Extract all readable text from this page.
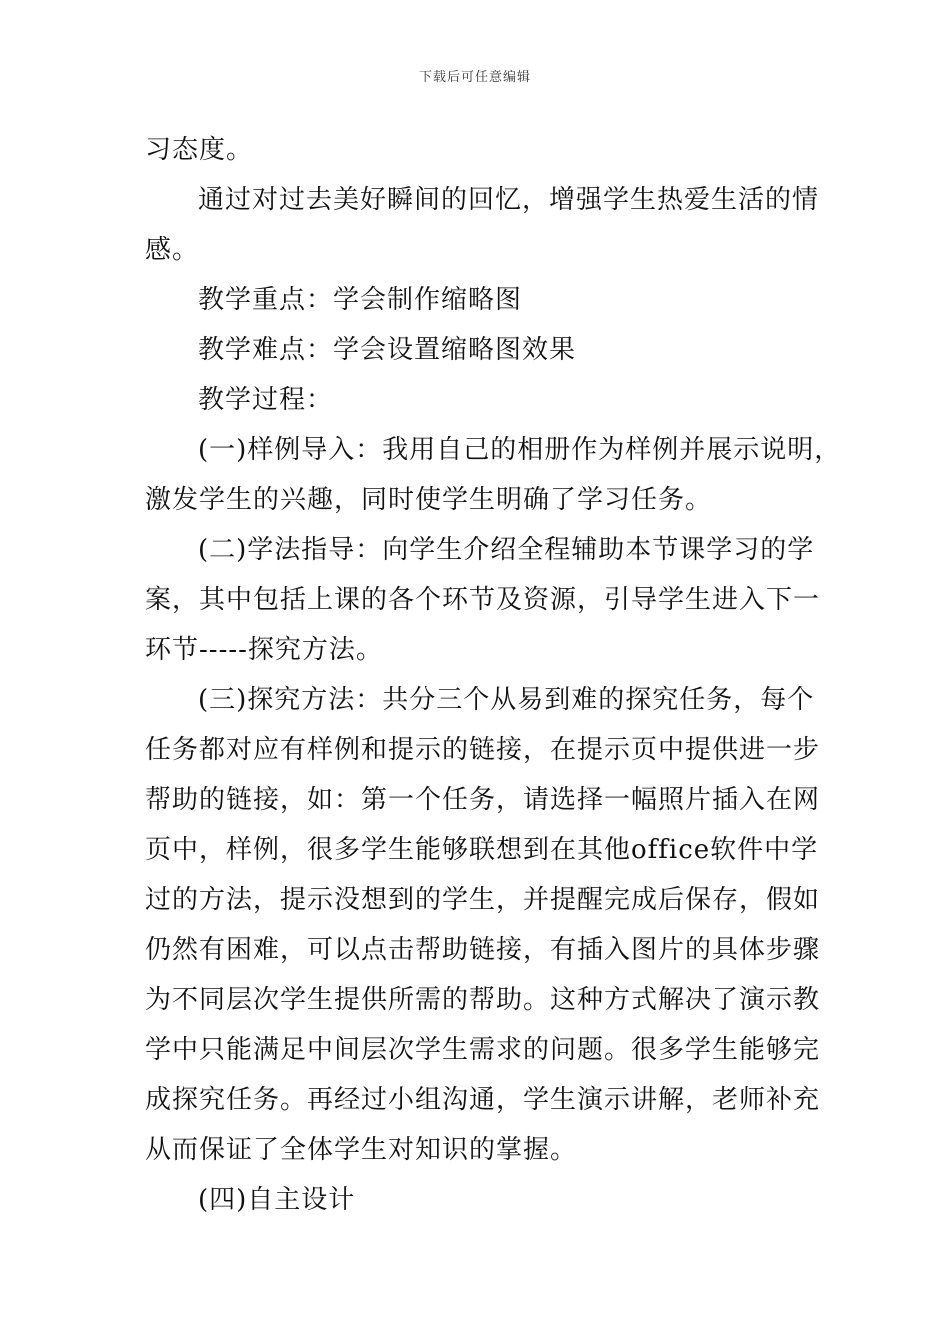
下载后可任意编辑
习态度。
通过对过去美好瞬间的回忆，增强学生热爱生活的情
感。
教学重点：学会制作缩略图
教学难点：学会设置缩略图效果
教学过程：
(一)样例导入：我用自己的相册作为样例并展示说明，
激发学生的兴趣，同时使学生明确了学习任务。
(二)学法指导：向学生介绍全程辅助本节课学习的学
案，其中包括上课的各个环节及资源，引导学生进入下一
环节-----探究方法。
(三)探究方法：共分三个从易到难的探究任务，每个
任务都对应有样例和提示的链接，在提示页中提供进一步
帮助的链接，如：第一个任务，请选择一幅照片插入在网
页中，样例，很多学生能够联想到在其他office软件中学
过的方法，提示没想到的学生，并提醒完成后保存，假如
仍然有困难，可以点击帮助链接，有插入图片的具体步骤
为不同层次学生提供所需的帮助。这种方式解决了演示教
学中只能满足中间层次学生需求的问题。很多学生能够完
成探究任务。再经过小组沟通，学生演示讲解，老师补充
从而保证了全体学生对知识的掌握。
(四)自主设计
